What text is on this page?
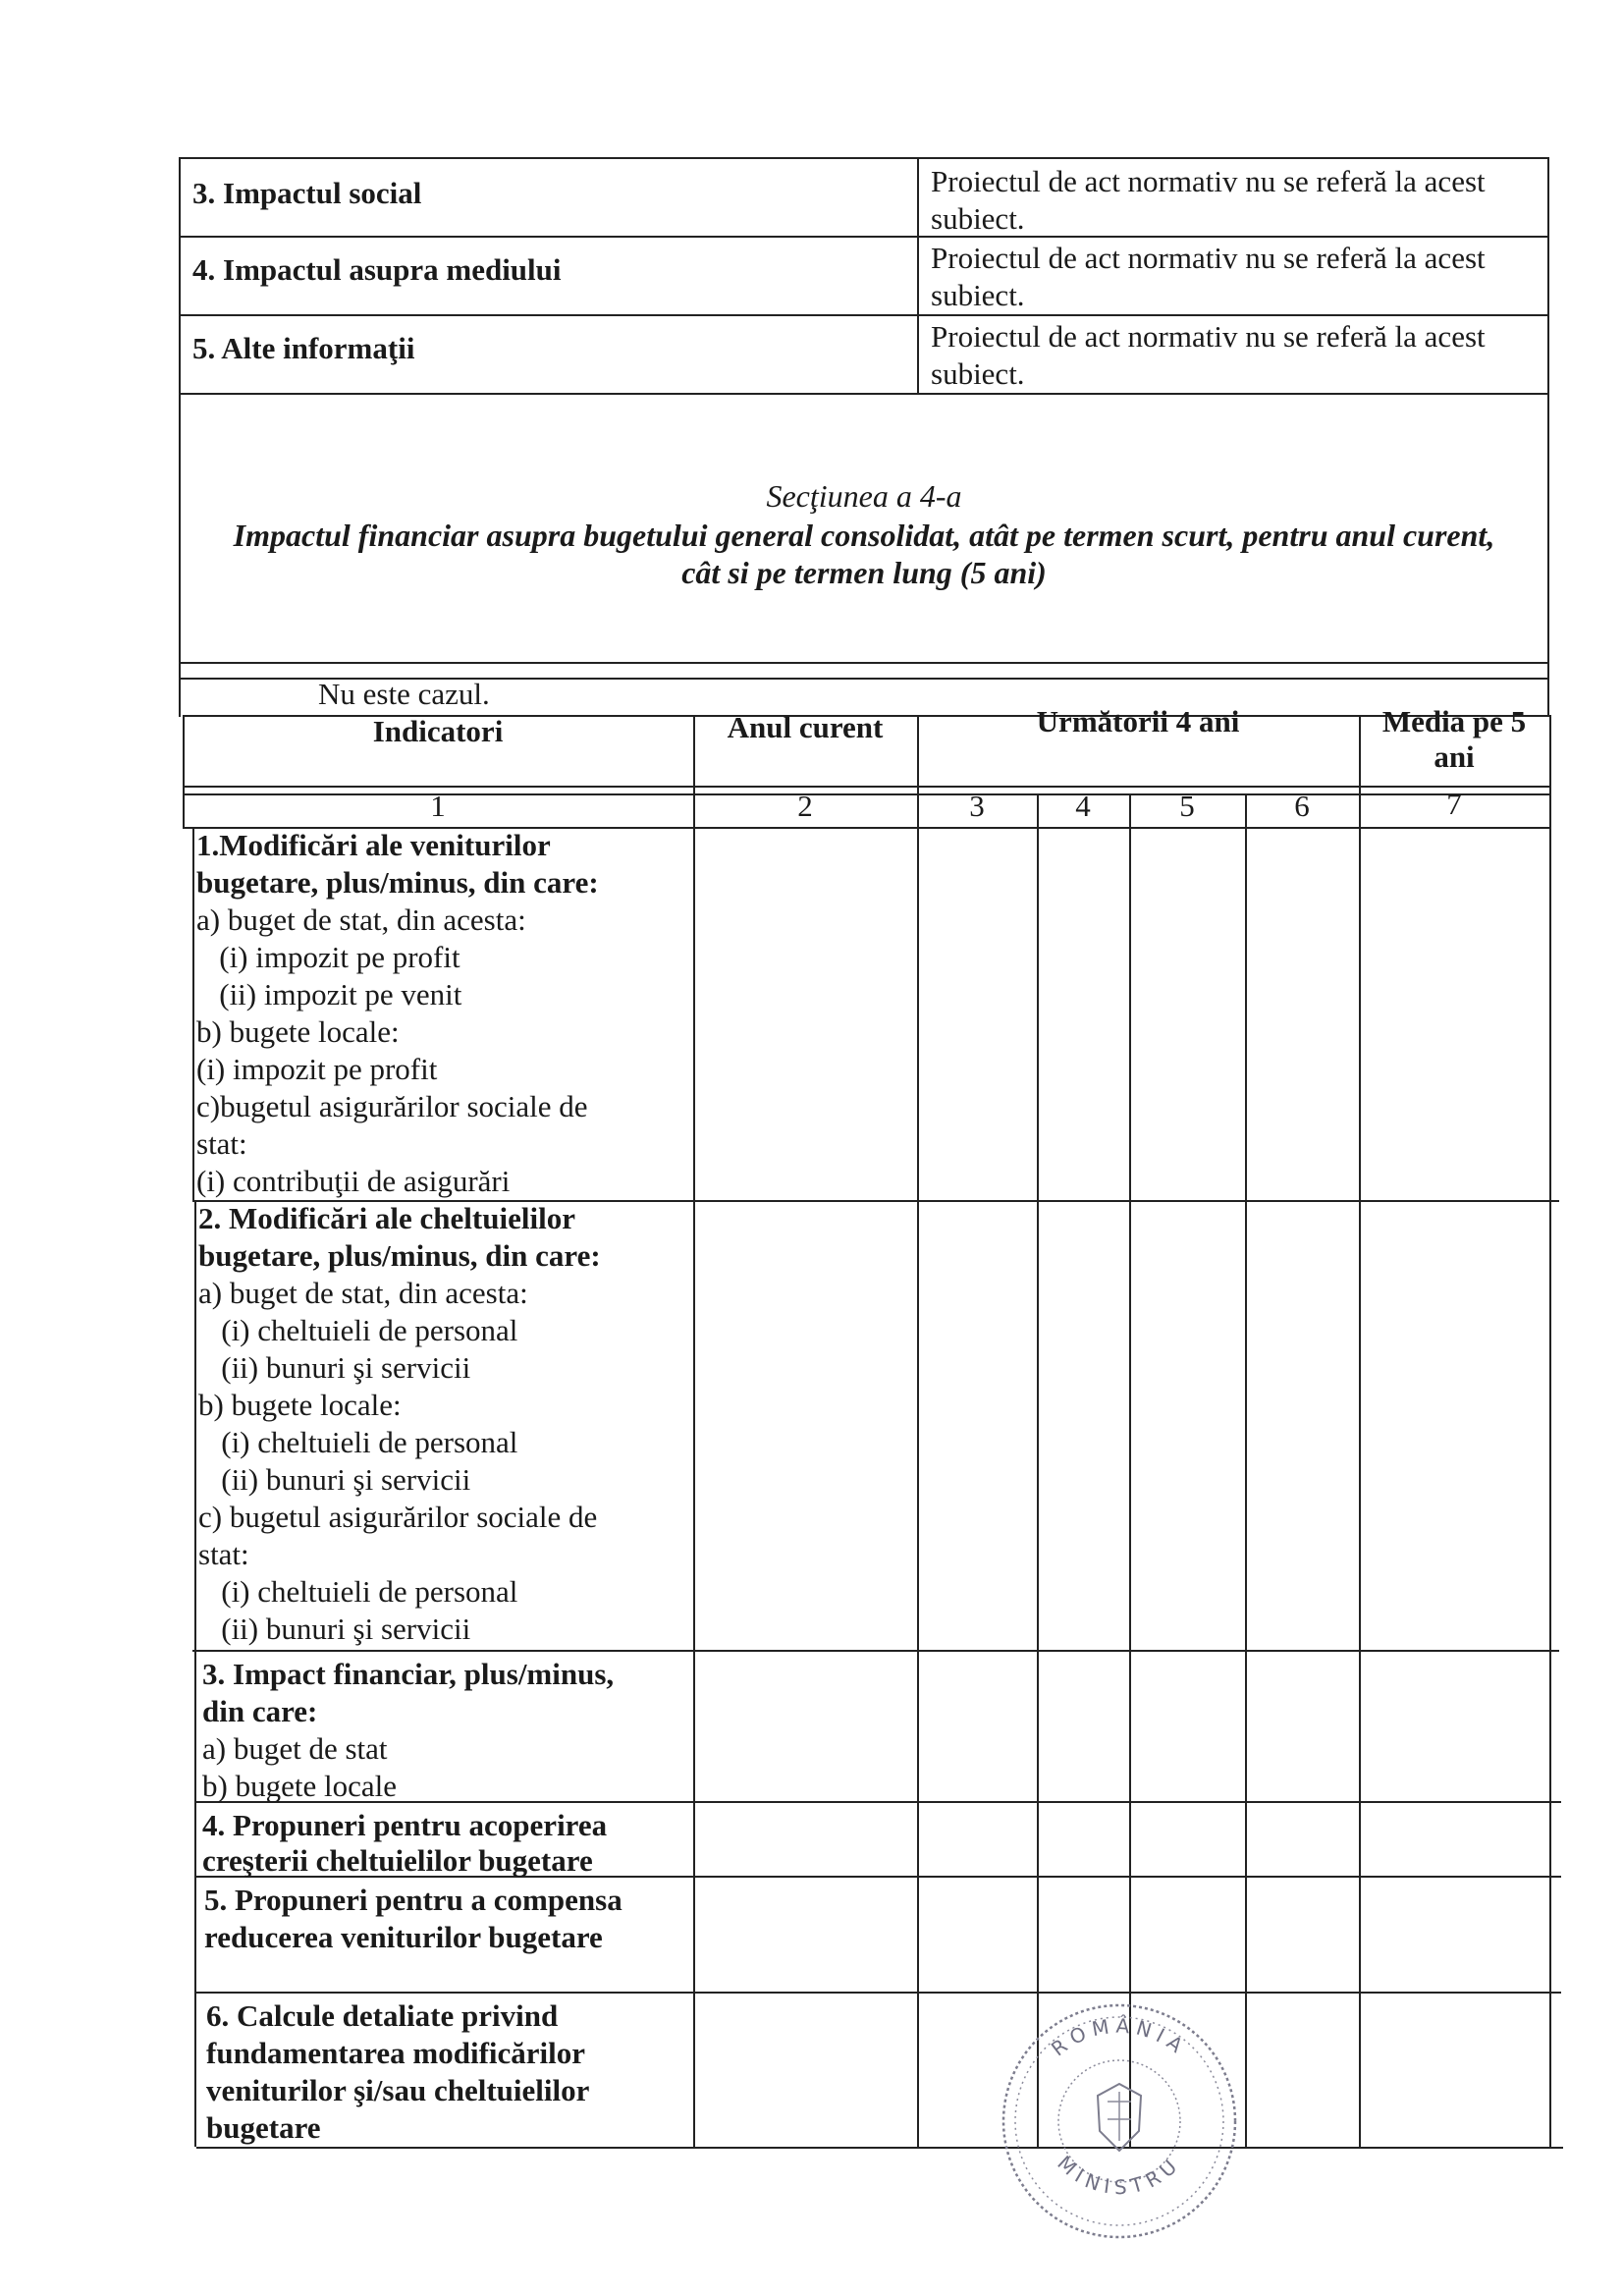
3. Impactul social	Proiectul de act normativ nu se referă la acest
subiect.
4. Impactul asupra mediului	Proiectul de act normativ nu se referă la acest
subiect.
5. Alte informaţii	Proiectul de act normativ nu se referă la acest
subiect.
Secţiunea a 4-a
Impactul financiar asupra bugetului general consolidat, atât pe termen scurt, pentru anul curent,
cât si pe termen lung (5 ani)
Nu este cazul.
Indicatori	Anul curent	Următorii 4 ani	Media pe 5
ani
1	2	3	4	5	6	7
1.Modificări ale veniturilor
bugetare, plus/minus, din care:
a) buget de stat, din acesta:
(i) impozit pe profit
(ii) impozit pe venit
b) bugete locale:
(i) impozit pe profit
c)bugetul asigurărilor sociale de
stat:
(i) contribuţii de asigurări
2. Modificări ale cheltuielilor
bugetare, plus/minus, din care:
a) buget de stat, din acesta:
(i) cheltuieli de personal
(ii) bunuri şi servicii
b) bugete locale:
(i) cheltuieli de personal
(ii) bunuri şi servicii
c) bugetul asigurărilor sociale de
stat:
(i) cheltuieli de personal
(ii) bunuri şi servicii
3. Impact financiar, plus/minus,
din care:
a) buget de stat
b) bugete locale
4. Propuneri pentru acoperirea
creşterii cheltuielilor bugetare
5. Propuneri pentru a compensa
reducerea veniturilor bugetare
6. Calcule detaliate privind
fundamentarea modificărilor
veniturilor şi/sau cheltuielilor
bugetare
ROMÂNIA
MINISTRU
